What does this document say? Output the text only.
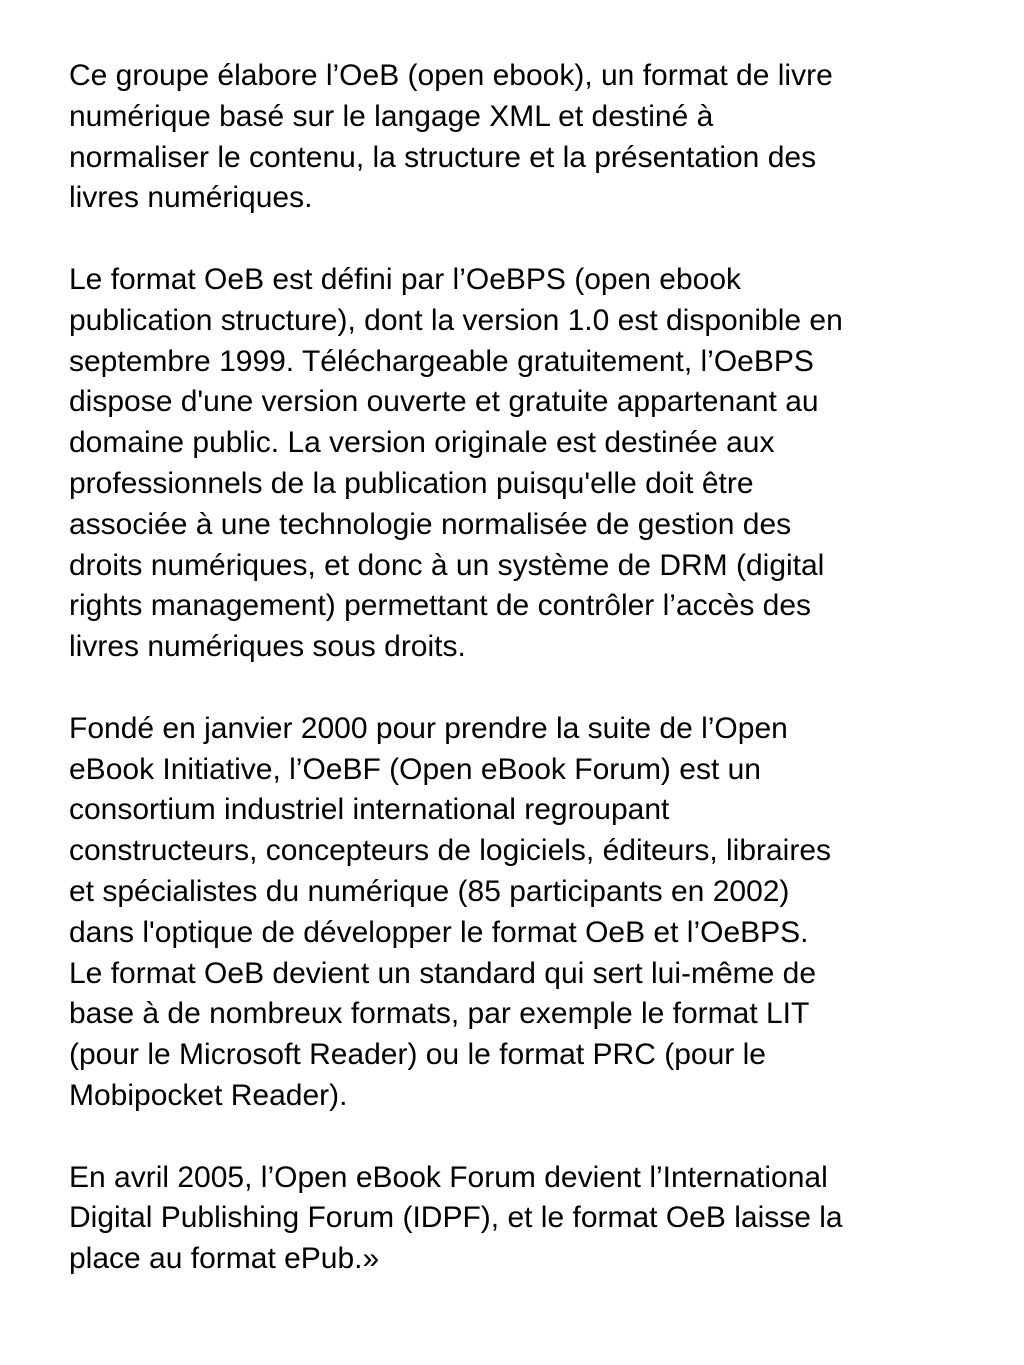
Ce groupe élabore l’OeB (open ebook), un format de livre
numérique basé sur le langage XML et destiné à
normaliser le contenu, la structure et la présentation des
livres numériques.

Le format OeB est défini par l’OeBPS (open ebook
publication structure), dont la version 1.0 est disponible en
septembre 1999. Téléchargeable gratuitement, l’OeBPS
dispose d'une version ouverte et gratuite appartenant au
domaine public. La version originale est destinée aux
professionnels de la publication puisqu'elle doit être
associée à une technologie normalisée de gestion des
droits numériques, et donc à un système de DRM (digital
rights management) permettant de contrôler l’accès des
livres numériques sous droits.

Fondé en janvier 2000 pour prendre la suite de l’Open
eBook Initiative, l’OeBF (Open eBook Forum) est un
consortium industriel international regroupant
constructeurs, concepteurs de logiciels, éditeurs, libraires
et spécialistes du numérique (85 participants en 2002)
dans l'optique de développer le format OeB et l’OeBPS.
Le format OeB devient un standard qui sert lui-même de
base à de nombreux formats, par exemple le format LIT
(pour le Microsoft Reader) ou le format PRC (pour le
Mobipocket Reader).

En avril 2005, l’Open eBook Forum devient l’International
Digital Publishing Forum (IDPF), et le format OeB laisse la
place au format ePub.»
